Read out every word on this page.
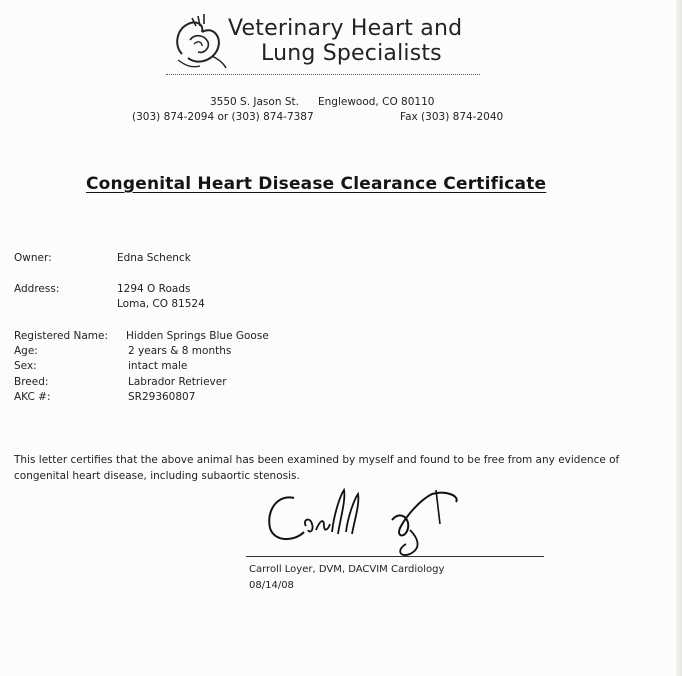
Veterinary Heart and
Lung Specialists
3550 S. Jason St. Englewood, CO 80110
(303) 874-2094 or (303) 874-7387	Fax (303) 874-2040
Congenital Heart Disease Clearance Certificate
Owner:	Edna Schenck
Address:	1294 O Roads
Loma, CO 81524
Registered Name: Hidden Springs Blue Goose
Age:	2 years & 8 months
Sex:	intact male
Breed:	Labrador Retriever
AKC #:	SR29360807
This letter certifies that the above animal has been examined by myself and found to be free from any evidence of
congenital heart disease, including subaortic stenosis.
Carroll Loyer, DVM, DACVIM Cardiology
08/14/08
